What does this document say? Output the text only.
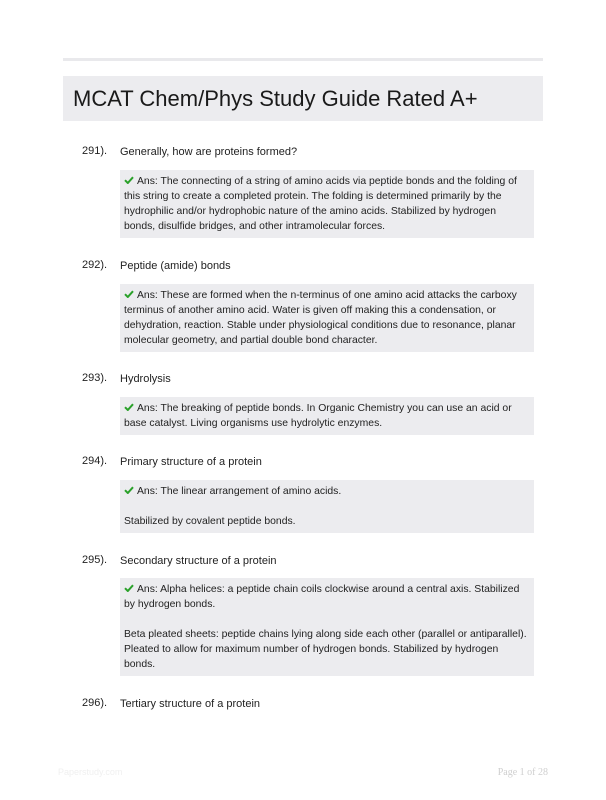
MCAT Chem/Phys Study Guide Rated A+
291). Generally, how are proteins formed?

Ans: The connecting of a string of amino acids via peptide bonds and the folding of this string to create a completed protein. The folding is determined primarily by the hydrophilic and/or hydrophobic nature of the amino acids. Stabilized by hydrogen bonds, disulfide bridges, and other intramolecular forces.

292). Peptide (amide) bonds

Ans: These are formed when the n-terminus of one amino acid attacks the carboxy terminus of another amino acid. Water is given off making this a condensation, or dehydration, reaction. Stable under physiological conditions due to resonance, planar molecular geometry, and partial double bond character.

293). Hydrolysis

Ans: The breaking of peptide bonds. In Organic Chemistry you can use an acid or base catalyst. Living organisms use hydrolytic enzymes.

294). Primary structure of a protein

Ans: The linear arrangement of amino acids.

Stabilized by covalent peptide bonds.

295). Secondary structure of a protein

Ans: Alpha helices: a peptide chain coils clockwise around a central axis. Stabilized by hydrogen bonds.

Beta pleated sheets: peptide chains lying along side each other (parallel or antiparallel). Pleated to allow for maximum number of hydrogen bonds. Stabilized by hydrogen bonds.

296). Tertiary structure of a protein
Paperstudy.com	Page 1 of 28
